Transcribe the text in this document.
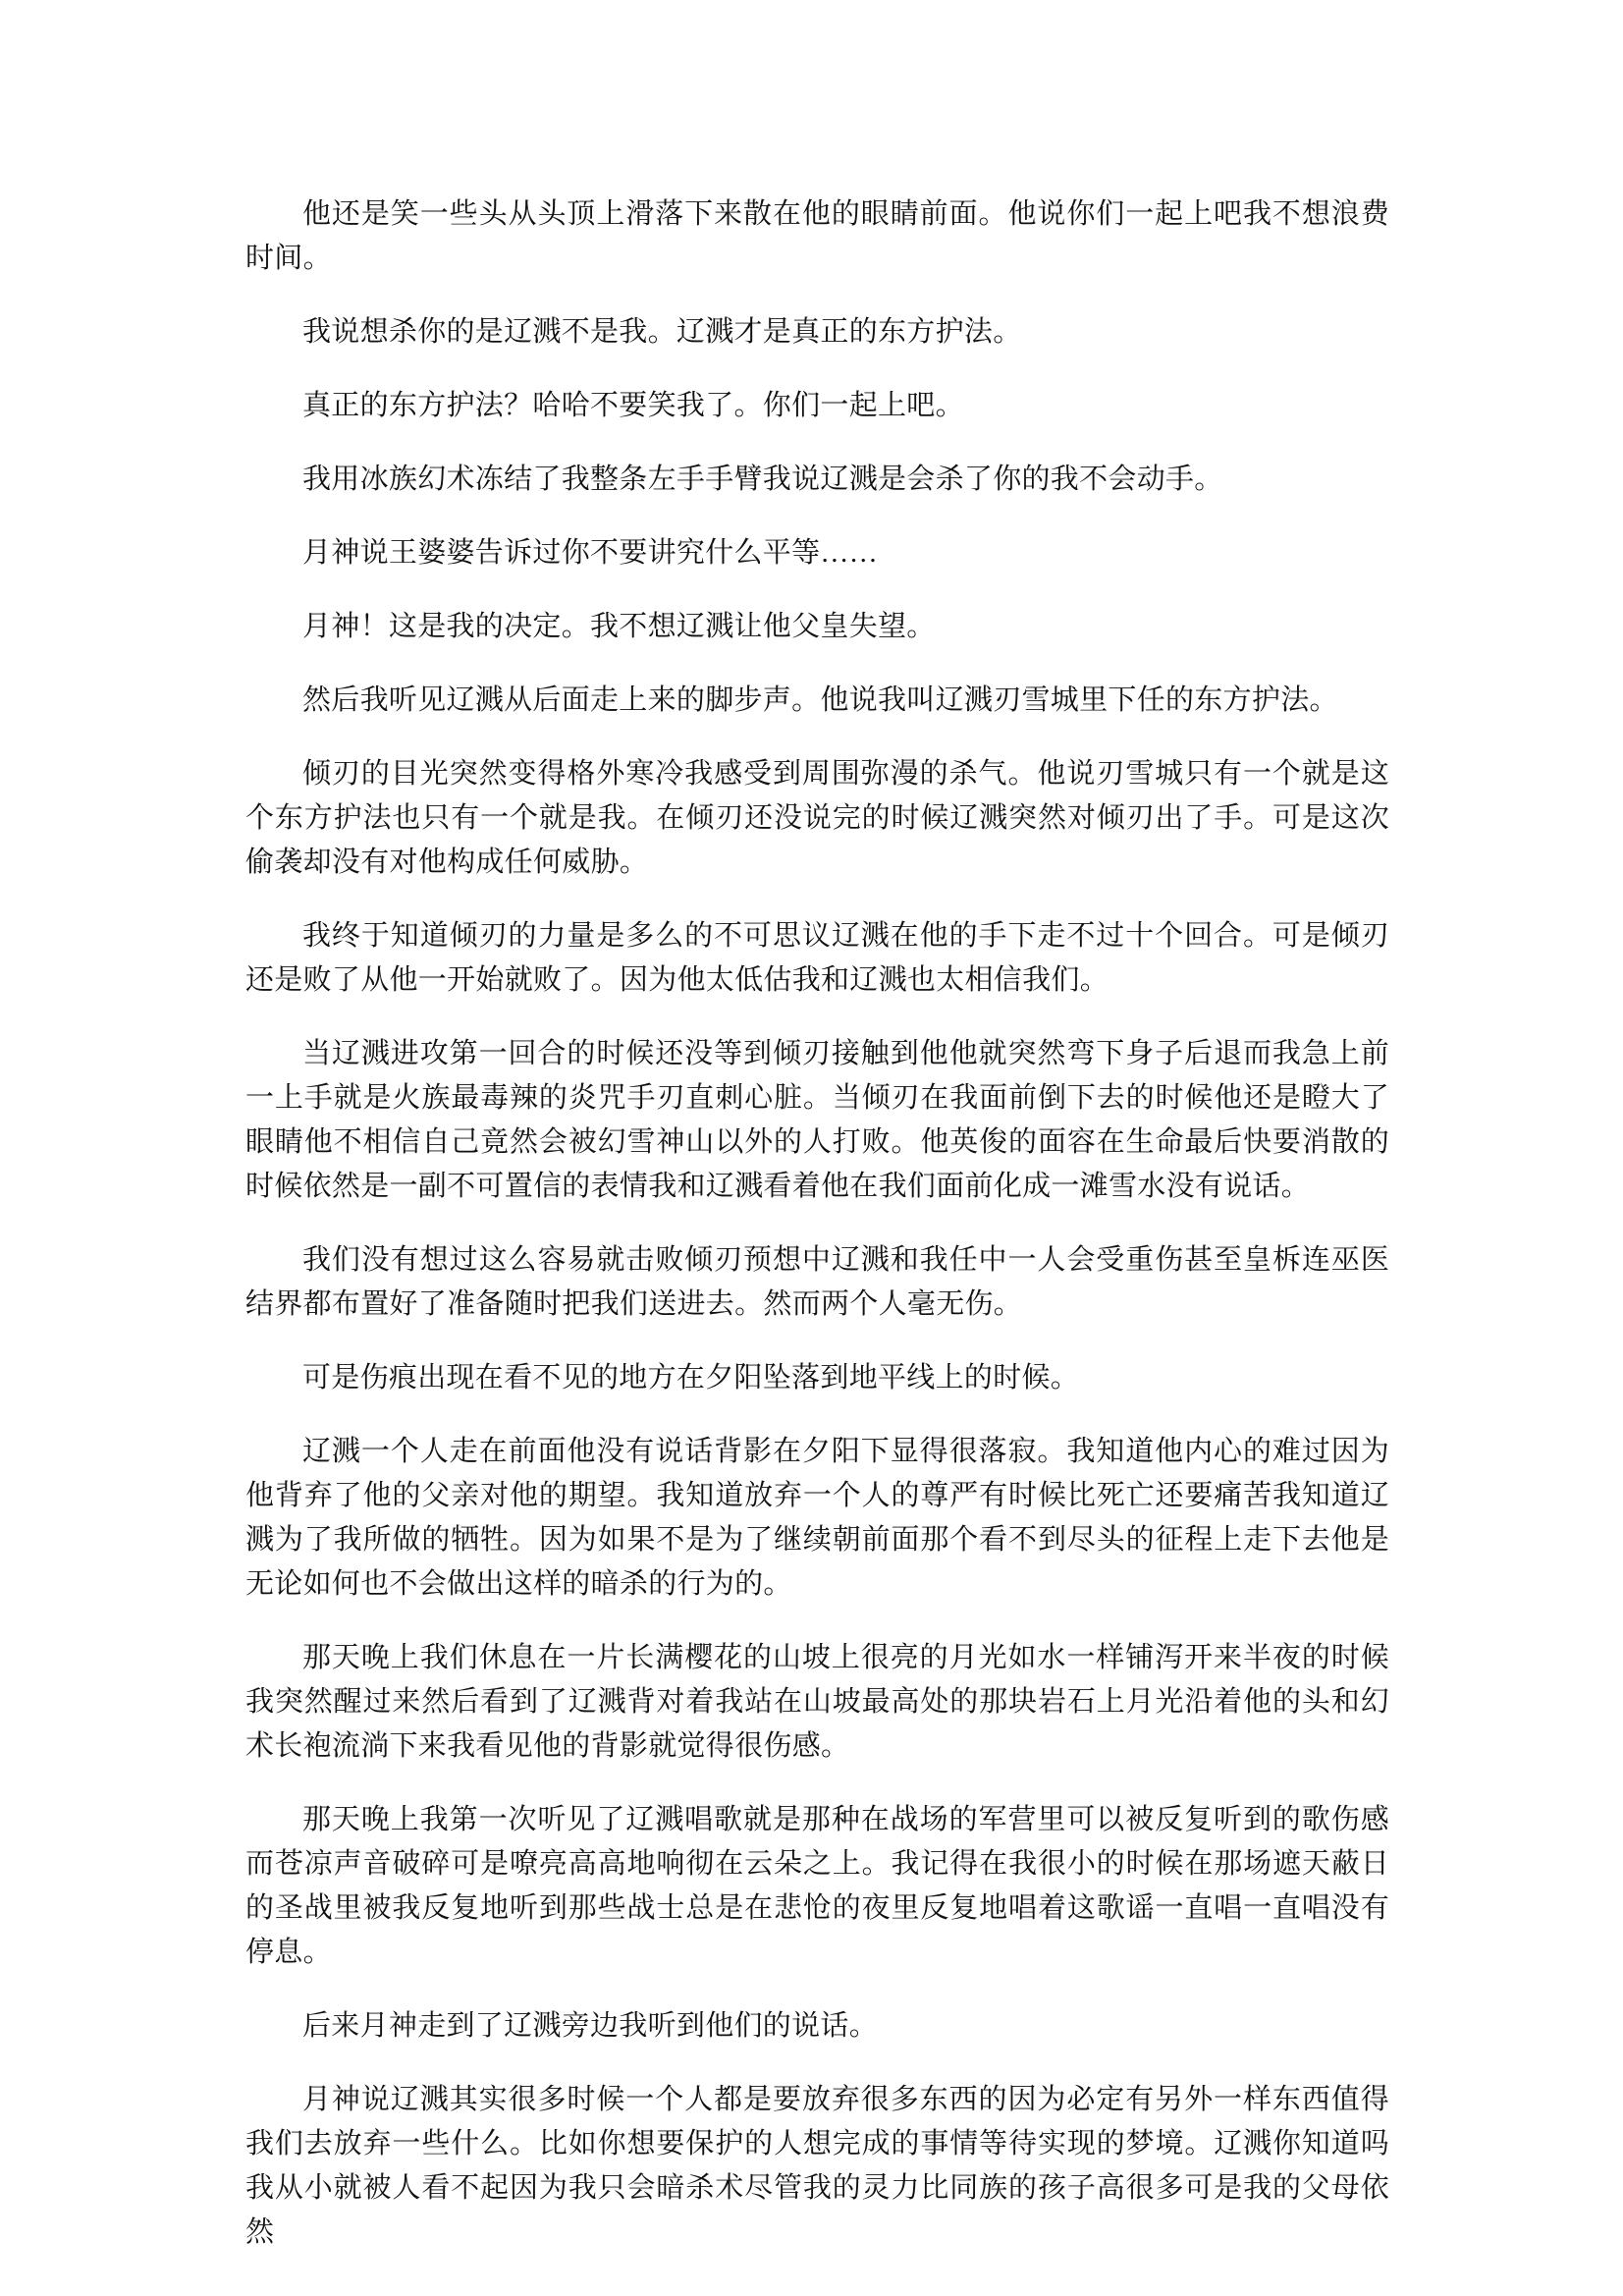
他还是笑一些头从头顶上滑落下来散在他的眼睛前面。他说你们一起上吧我不想浪费时间。

我说想杀你的是辽溅不是我。辽溅才是真正的东方护法。

真正的东方护法？哈哈不要笑我了。你们一起上吧。

我用冰族幻术冻结了我整条左手手臂我说辽溅是会杀了你的我不会动手。

月神说王婆婆告诉过你不要讲究什么平等……

月神！这是我的决定。我不想辽溅让他父皇失望。

然后我听见辽溅从后面走上来的脚步声。他说我叫辽溅刃雪城里下任的东方护法。

倾刃的目光突然变得格外寒冷我感受到周围弥漫的杀气。他说刃雪城只有一个就是这个东方护法也只有一个就是我。在倾刃还没说完的时候辽溅突然对倾刃出了手。可是这次偷袭却没有对他构成任何威胁。

我终于知道倾刃的力量是多么的不可思议辽溅在他的手下走不过十个回合。可是倾刃还是败了从他一开始就败了。因为他太低估我和辽溅也太相信我们。

当辽溅进攻第一回合的时候还没等到倾刃接触到他他就突然弯下身子后退而我急上前一上手就是火族最毒辣的炎咒手刃直刺心脏。当倾刃在我面前倒下去的时候他还是瞪大了眼睛他不相信自己竟然会被幻雪神山以外的人打败。他英俊的面容在生命最后快要消散的时候依然是一副不可置信的表情我和辽溅看着他在我们面前化成一滩雪水没有说话。

我们没有想过这么容易就击败倾刃预想中辽溅和我任中一人会受重伤甚至皇柝连巫医结界都布置好了准备随时把我们送进去。然而两个人毫无伤。

可是伤痕出现在看不见的地方在夕阳坠落到地平线上的时候。

辽溅一个人走在前面他没有说话背影在夕阳下显得很落寂。我知道他内心的难过因为他背弃了他的父亲对他的期望。我知道放弃一个人的尊严有时候比死亡还要痛苦我知道辽溅为了我所做的牺牲。因为如果不是为了继续朝前面那个看不到尽头的征程上走下去他是无论如何也不会做出这样的暗杀的行为的。

那天晚上我们休息在一片长满樱花的山坡上很亮的月光如水一样铺泻开来半夜的时候我突然醒过来然后看到了辽溅背对着我站在山坡最高处的那块岩石上月光沿着他的头和幻术长袍流淌下来我看见他的背影就觉得很伤感。

那天晚上我第一次听见了辽溅唱歌就是那种在战场的军营里可以被反复听到的歌伤感而苍凉声音破碎可是嘹亮高高地响彻在云朵之上。我记得在我很小的时候在那场遮天蔽日的圣战里被我反复地听到那些战士总是在悲怆的夜里反复地唱着这歌谣一直唱一直唱没有停息。

后来月神走到了辽溅旁边我听到他们的说话。

月神说辽溅其实很多时候一个人都是要放弃很多东西的因为必定有另外一样东西值得我们去放弃一些什么。比如你想要保护的人想完成的事情等待实现的梦境。辽溅你知道吗我从小就被人看不起因为我只会暗杀术尽管我的灵力比同族的孩子高很多可是我的父母依然
